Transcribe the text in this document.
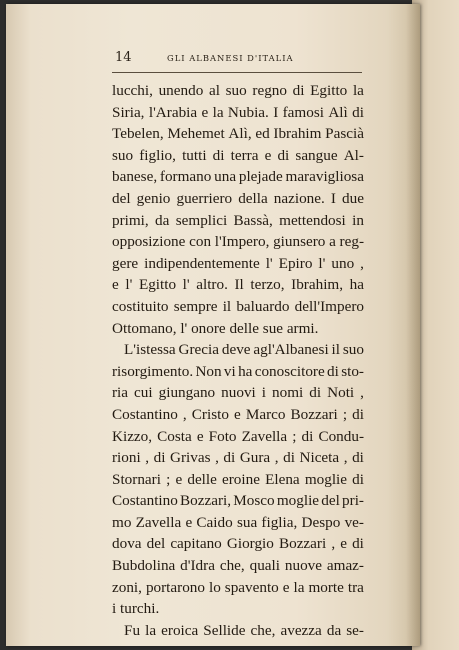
14	GLI ALBANESI D'ITALIA
lucchi, unendo al suo regno di Egitto la
Siria, l'Arabia e la Nubia. I famosi Alì di
Tebelen, Mehemet Alì, ed Ibrahim Pascià
suo figlio, tutti di terra e di sangue Al-
banese, formano una plejade maravigliosa
del genio guerriero della nazione. I due
primi, da semplici Bassà, mettendosi in
opposizione con l'Impero, giunsero a reg-
gere indipendentemente l' Epiro l' uno ,
e l' Egitto l' altro. Il terzo, Ibrahim, ha
costituito sempre il baluardo dell'Impero
Ottomano, l' onore delle sue armi.
L'istessa Grecia deve agl'Albanesi il suo
risorgimento. Non vi ha conoscitore di sto-
ria cui giungano nuovi i nomi di Noti ,
Costantino , Cristo e Marco Bozzari ; di
Kizzo, Costa e Foto Zavella ; di Condu-
rioni , di Grivas , di Gura , di Niceta , di
Stornari ; e delle eroine Elena moglie di
Costantino Bozzari, Mosco moglie del pri-
mo Zavella e Caido sua figlia, Despo ve-
dova del capitano Giorgio Bozzari , e di
Bubdolina d'Idra che, quali nuove amaz-
zoni, portarono lo spavento e la morte tra
i turchi.
Fu la eroica Sellide che, avezza da se-
